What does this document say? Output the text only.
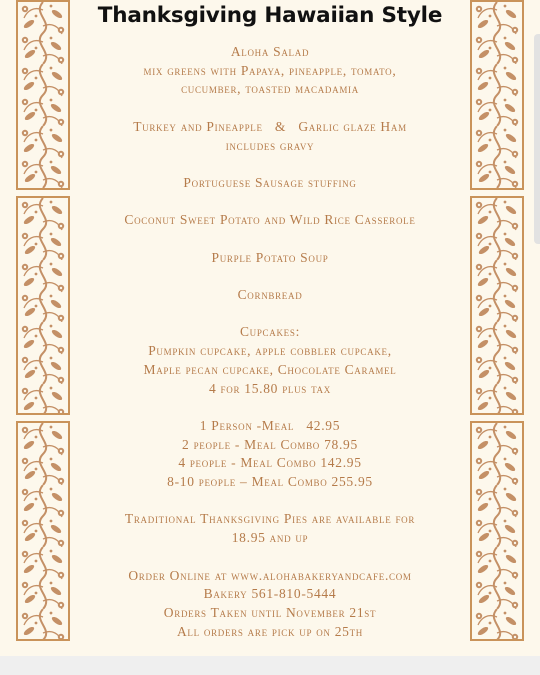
Thanksgiving Hawaiian Style
Aloha Salad
mix greens with Papaya, pineapple, tomato,
cucumber, toasted macadamia
Turkey and Pineapple   &   Garlic glaze Ham
includes gravy
Portuguese Sausage stuffing
Coconut Sweet Potato and Wild Rice Casserole
Purple Potato Soup
Cornbread
Cupcakes:
Pumpkin cupcake, apple cobbler cupcake,
Maple pecan cupcake, Chocolate Caramel
4 for 15.80 plus tax
1 Person -Meal   42.95
2 people - Meal Combo 78.95
4 people - Meal Combo 142.95
8-10 people – Meal Combo 255.95
Traditional Thanksgiving Pies are available for
18.95 and up
Order Online at www.alohabakeryandcafe.com
Bakery 561-810-5444
Orders Taken until November 21st
All orders are pick up on 25th
